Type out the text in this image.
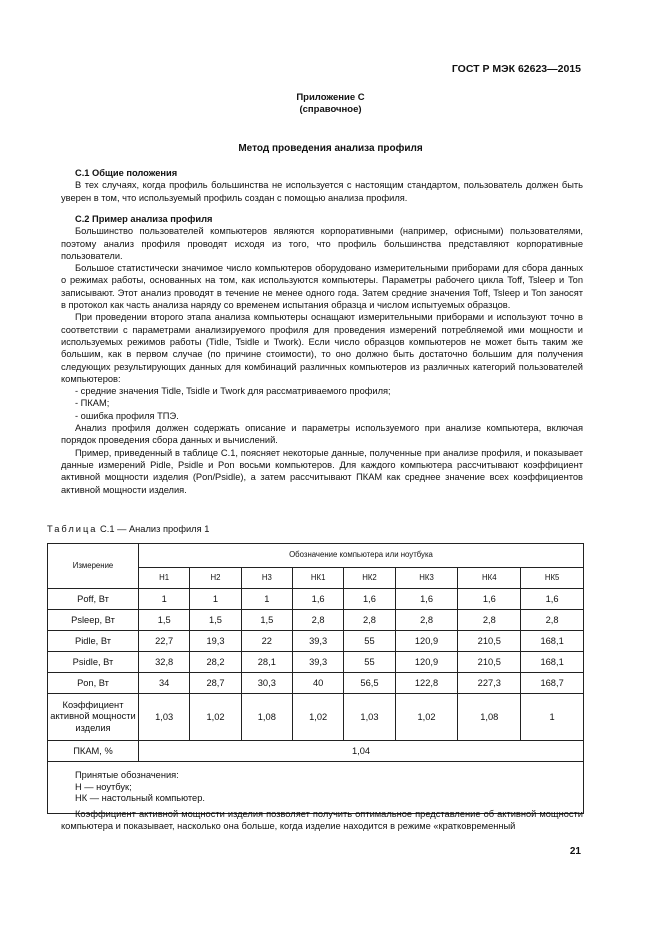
ГОСТ Р МЭК 62623—2015
Приложение С
(справочное)
Метод проведения анализа профиля
С.1 Общие положения

В тех случаях, когда профиль большинства не используется с настоящим стандартом, пользователь должен быть уверен в том, что используемый профиль создан с помощью анализа профиля.

С.2 Пример анализа профиля

Большинство пользователей компьютеров являются корпоративными (например, офисными) пользователями, поэтому анализ профиля проводят исходя из того, что профиль большинства представляют корпоративные пользователи.

Большое статистически значимое число компьютеров оборудовано измерительными приборами для сбора данных о режимах работы, основанных на том, как используются компьютеры. Параметры рабочего цикла Toff, Tsleep и Ton записывают. Этот анализ проводят в течение не менее одного года. Затем средние значения Toff, Tsleep и Ton заносят в протокол как часть анализа наряду со временем испытания образца и числом испытуемых образцов.

При проведении второго этапа анализа компьютеры оснащают измерительными приборами и используют точно в соответствии с параметрами анализируемого профиля для проведения измерений потребляемой ими мощности и используемых режимов работы (Tidle, Tsidle и Twork). Если число образцов компьютеров не может быть таким же большим, как в первом случае (по причине стоимости), то оно должно быть достаточно большим для получения следующих результирующих данных для комбинаций различных компьютеров из различных категорий пользователей компьютеров:

- средние значения Tidle, Tsidle и Twork для рассматриваемого профиля;
- ПКАМ;
- ошибка профиля ТПЭ.

Анализ профиля должен содержать описание и параметры используемого при анализе компьютера, включая порядок проведения сбора данных и вычислений.

Пример, приведенный в таблице С.1, поясняет некоторые данные, полученные при анализе профиля, и показывает данные измерений Pidle, Psidle и Pon восьми компьютеров. Для каждого компьютера рассчитывают коэффициент активной мощности изделия (Pon/Psidle), а затем рассчитывают ПКАМ как среднее значение всех коэффициентов активной мощности изделия.

Таблица С.1 — Анализ профиля 1
Измерение	Обозначение компьютера или ноутбука							
	Н1	Н2	Н3	НК1	НК2	НК3	НК4	НК5
Poff, Вт	1	1	1	1,6	1,6	1,6	1,6	1,6
Psleep, Вт	1,5	1,5	1,5	2,8	2,8	2,8	2,8	2,8
Pidle, Вт	22,7	19,3	22	39,3	55	120,9	210,5	168,1
Psidle, Вт	32,8	28,2	28,1	39,3	55	120,9	210,5	168,1
Pon, Вт	34	28,7	30,3	40	56,5	122,8	227,3	168,7
Коэффициент активной мощности изделия	1,03	1,02	1,08	1,02	1,03	1,02	1,08	1
ПКАМ, %	1,04							

Принятые обозначения:
Н — ноутбук;
НК — настольный компьютер.								

Коэффициент активной мощности изделия позволяет получить оптимальное представление об активной мощности компьютера и показывает, насколько она больше, когда изделие находится в режиме «кратковременный

21
